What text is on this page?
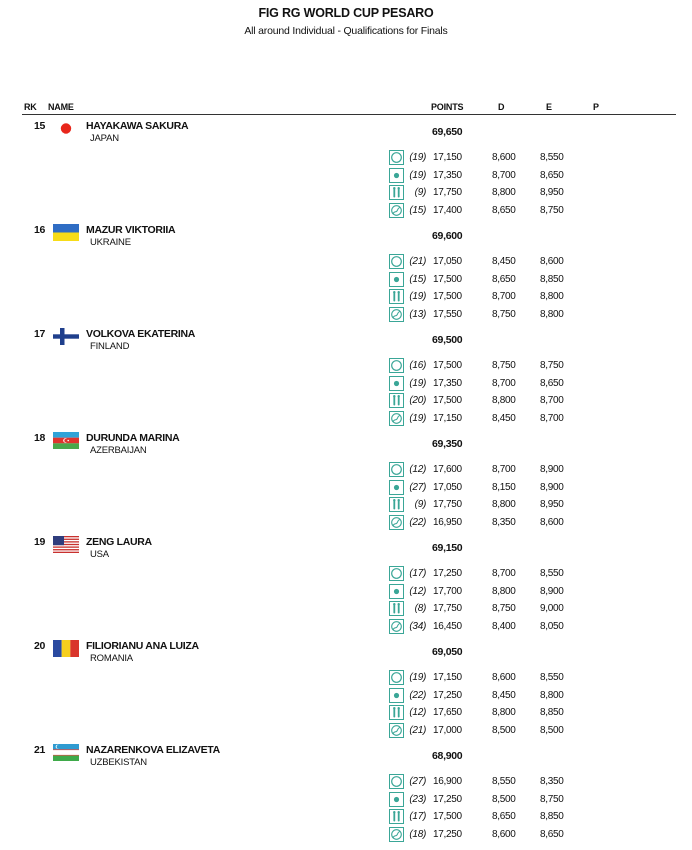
FIG RG WORLD CUP PESARO
All around Individual - Qualifications for Finals
RK NAME	POINTS	D	E	P
15	HAYAKAWA SAKURA
JAPAN
69,650
(19) 17,150	8,600 8,550
(19) 17,350	8,700 8,650
(9) 17,750	8,800 8,950
(15) 17,400	8,650 8,750
16	MAZUR VIKTORIIA
UKRAINE
69,600
(21) 17,050	8,450 8,600
(15) 17,500	8,650 8,850
(19) 17,500	8,700 8,800
(13) 17,550	8,750 8,800
17	VOLKOVA EKATERINA
FINLAND
69,500
(16) 17,500	8,750 8,750
(19) 17,350	8,700 8,650
(20) 17,500	8,800 8,700
(19) 17,150	8,450 8,700
18	DURUNDA MARINA
AZERBAIJAN
69,350
(12) 17,600	8,700 8,900
(27) 17,050	8,150 8,900
(9) 17,750	8,800 8,950
(22) 16,950	8,350 8,600
19	ZENG LAURA
USA
69,150
(17) 17,250	8,700 8,550
(12) 17,700	8,800 8,900
(8) 17,750	8,750 9,000
(34) 16,450	8,400 8,050
20	FILIORIANU ANA LUIZA
ROMANIA
69,050
(19) 17,150	8,600 8,550
(22) 17,250	8,450 8,800
(12) 17,650	8,800 8,850
(21) 17,000	8,500 8,500
21	NAZARENKOVA ELIZAVETA
UZBEKISTAN
68,900
(27) 16,900	8,550 8,350
(23) 17,250	8,500 8,750
(17) 17,500	8,650 8,850
(18) 17,250	8,600 8,650
